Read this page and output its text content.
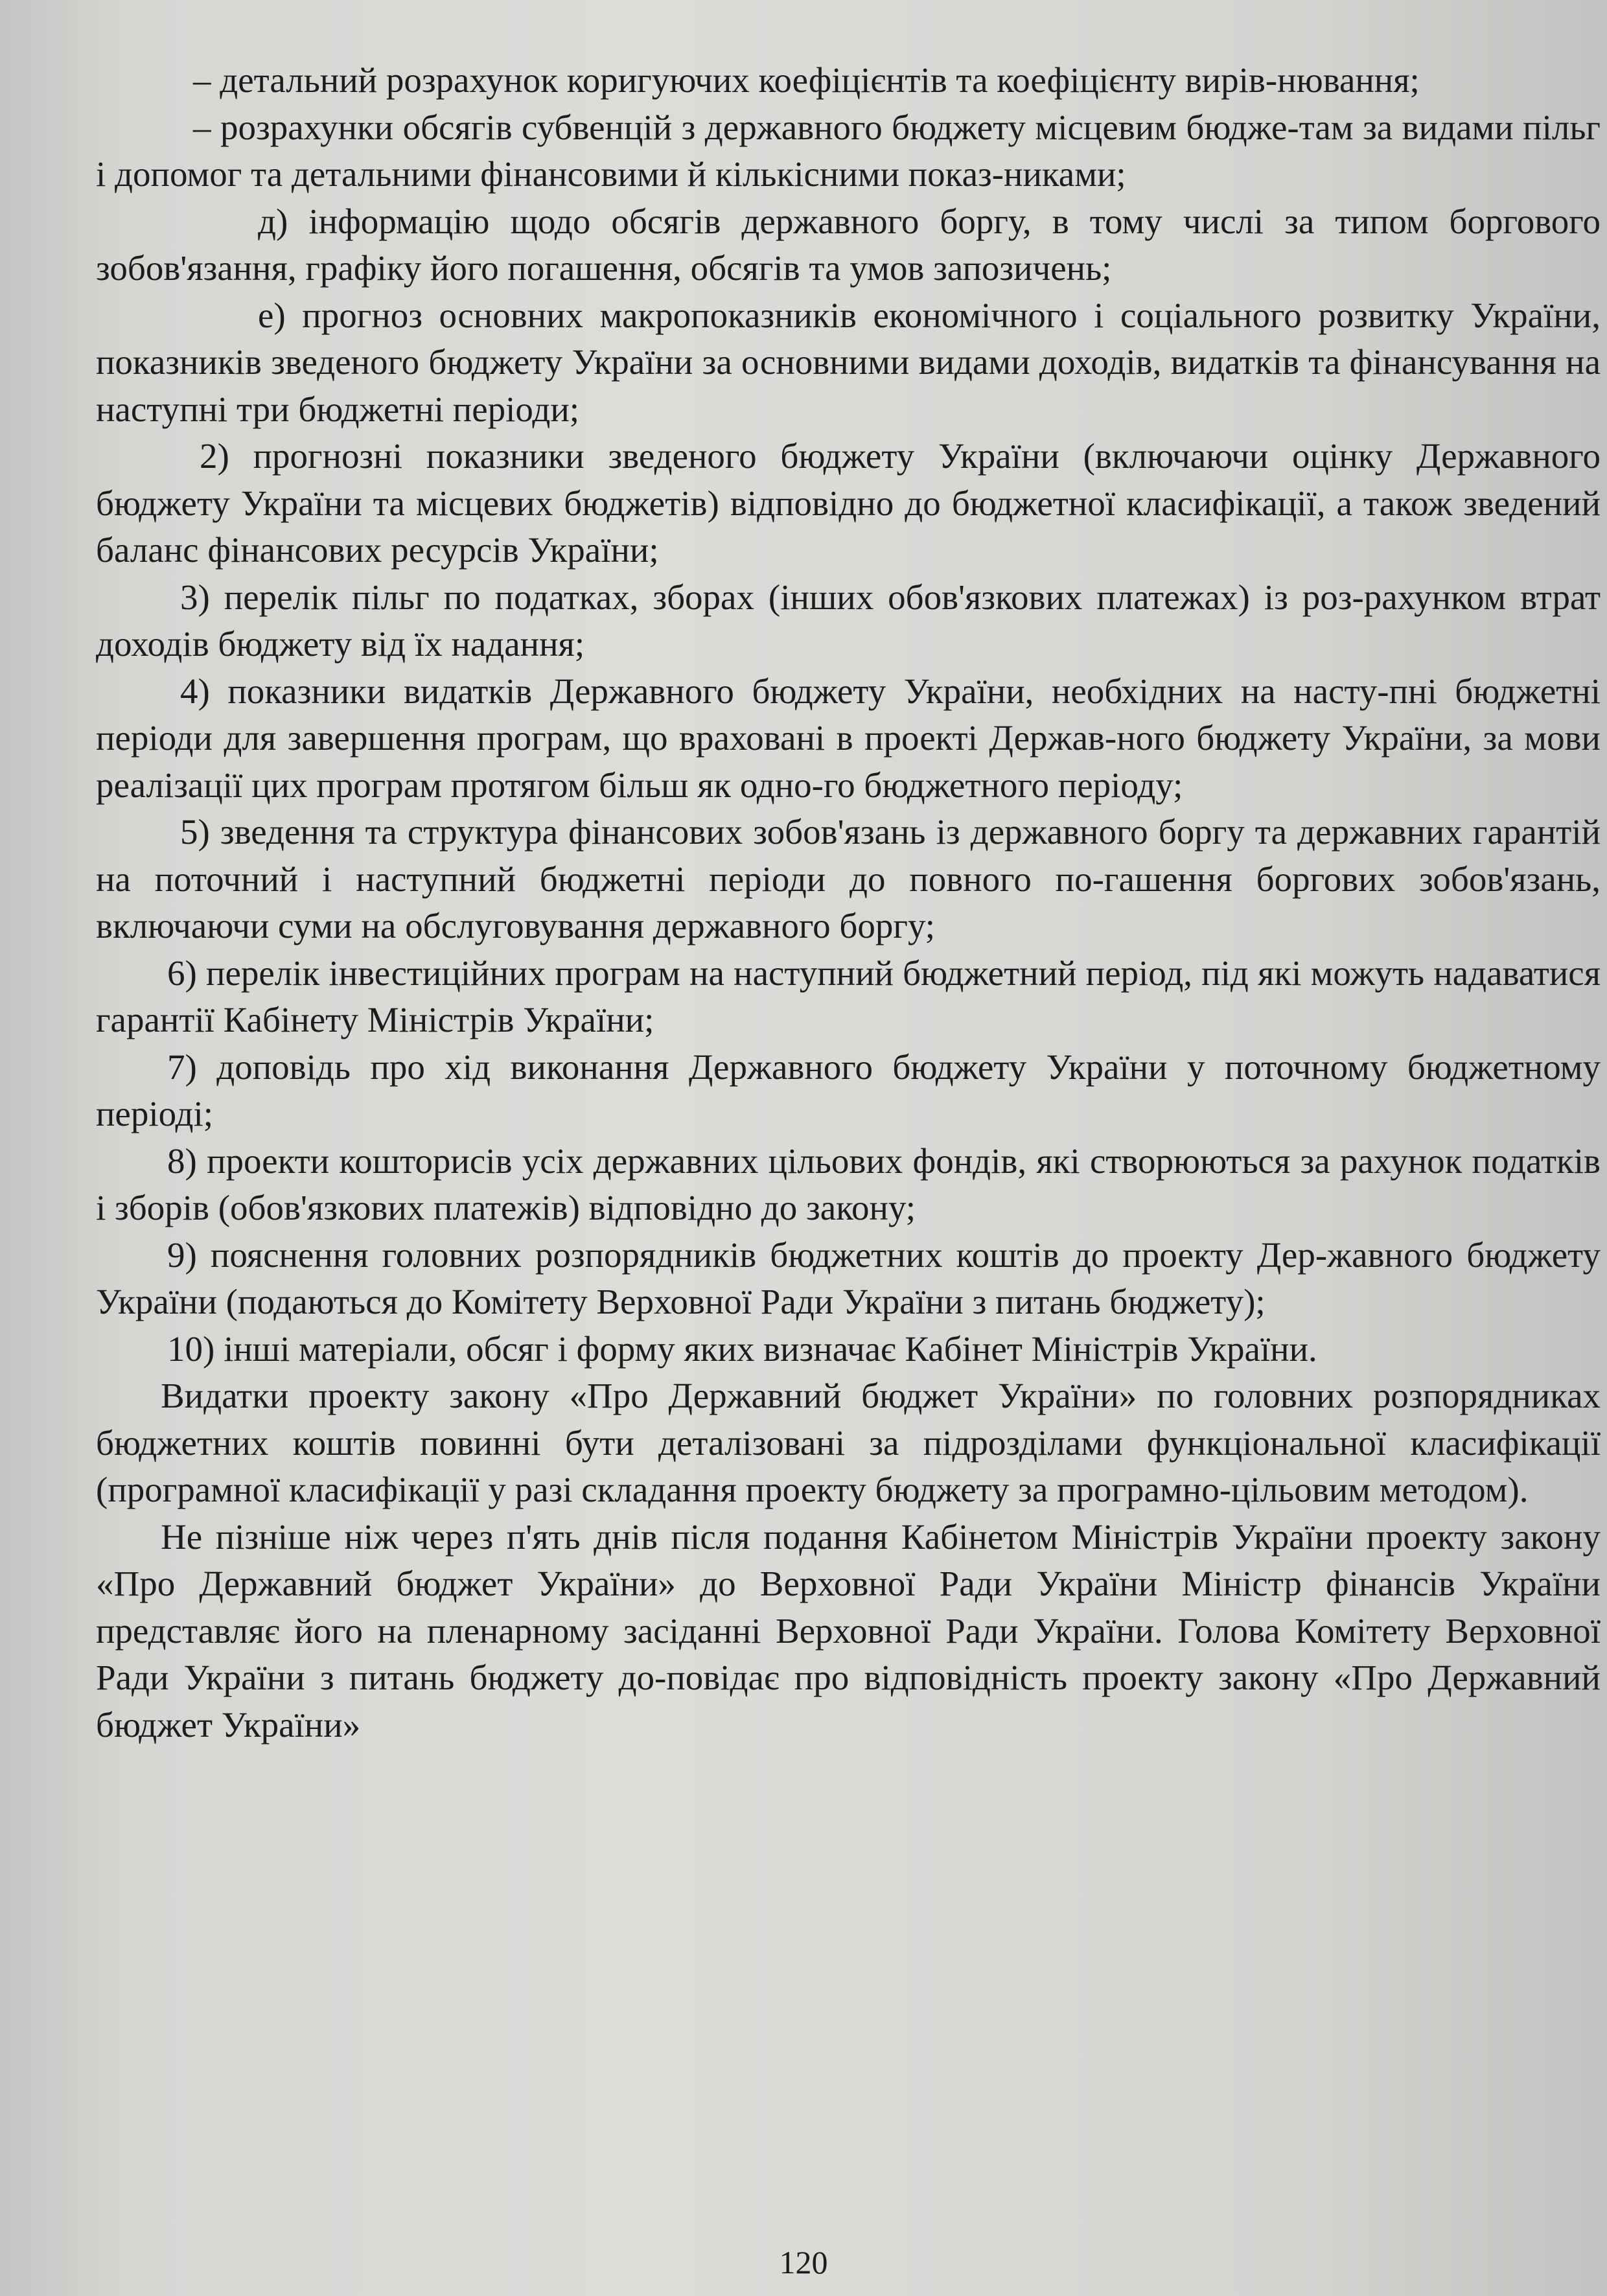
– детальний розрахунок коригуючих коефіцієнтів та коефіцієнту вирів-нювання;

– розрахунки обсягів субвенцій з державного бюджету місцевим бюдже-там за видами пільг і допомог та детальними фінансовими й кількісними показ-никами;

д) інформацію щодо обсягів державного боргу, в тому числі за типом боргового зобов'язання, графіку його погашення, обсягів та умов запозичень;

е) прогноз основних макропоказників економічного і соціального розвитку України, показників зведеного бюджету України за основними видами доходів, видатків та фінансування на наступні три бюджетні періоди;

2) прогнозні показники зведеного бюджету України (включаючи оцінку Державного бюджету України та місцевих бюджетів) відповідно до бюджетної класифікації, а також зведений баланс фінансових ресурсів України;

3) перелік пільг по податках, зборах (інших обов'язкових платежах) із роз-рахунком втрат доходів бюджету від їх надання;

4) показники видатків Державного бюджету України, необхідних на насту-пні бюджетні періоди для завершення програм, що враховані в проекті Держав-ного бюджету України, за мови реалізації цих програм протягом більш як одно-го бюджетного періоду;

5) зведення та структура фінансових зобов'язань із державного боргу та державних гарантій на поточний і наступний бюджетні періоди до повного по-гашення боргових зобов'язань, включаючи суми на обслуговування державного боргу;

6) перелік інвестиційних програм на наступний бюджетний період, під які можуть надаватися гарантії Кабінету Міністрів України;

7) доповідь про хід виконання Державного бюджету України у поточному бюджетному періоді;

8) проекти кошторисів усіх державних цільових фондів, які створюються за рахунок податків і зборів (обов'язкових платежів) відповідно до закону;

9) пояснення головних розпорядників бюджетних коштів до проекту Дер-жавного бюджету України (подаються до Комітету Верховної Ради України з питань бюджету);

10) інші матеріали, обсяг і форму яких визначає Кабінет Міністрів України.

Видатки проекту закону «Про Державний бюджет України» по головних розпорядниках бюджетних коштів повинні бути деталізовані за підрозділами функціональної класифікації (програмної класифікації у разі складання проекту бюджету за програмно-цільовим методом).

Не пізніше ніж через п'ять днів після подання Кабінетом Міністрів України проекту закону «Про Державний бюджет України» до Верховної Ради України Міністр фінансів України представляє його на пленарному засіданні Верховної Ради України. Голова Комітету Верховної Ради України з питань бюджету до-повідає про відповідність проекту закону «Про Державний бюджет України»

120
